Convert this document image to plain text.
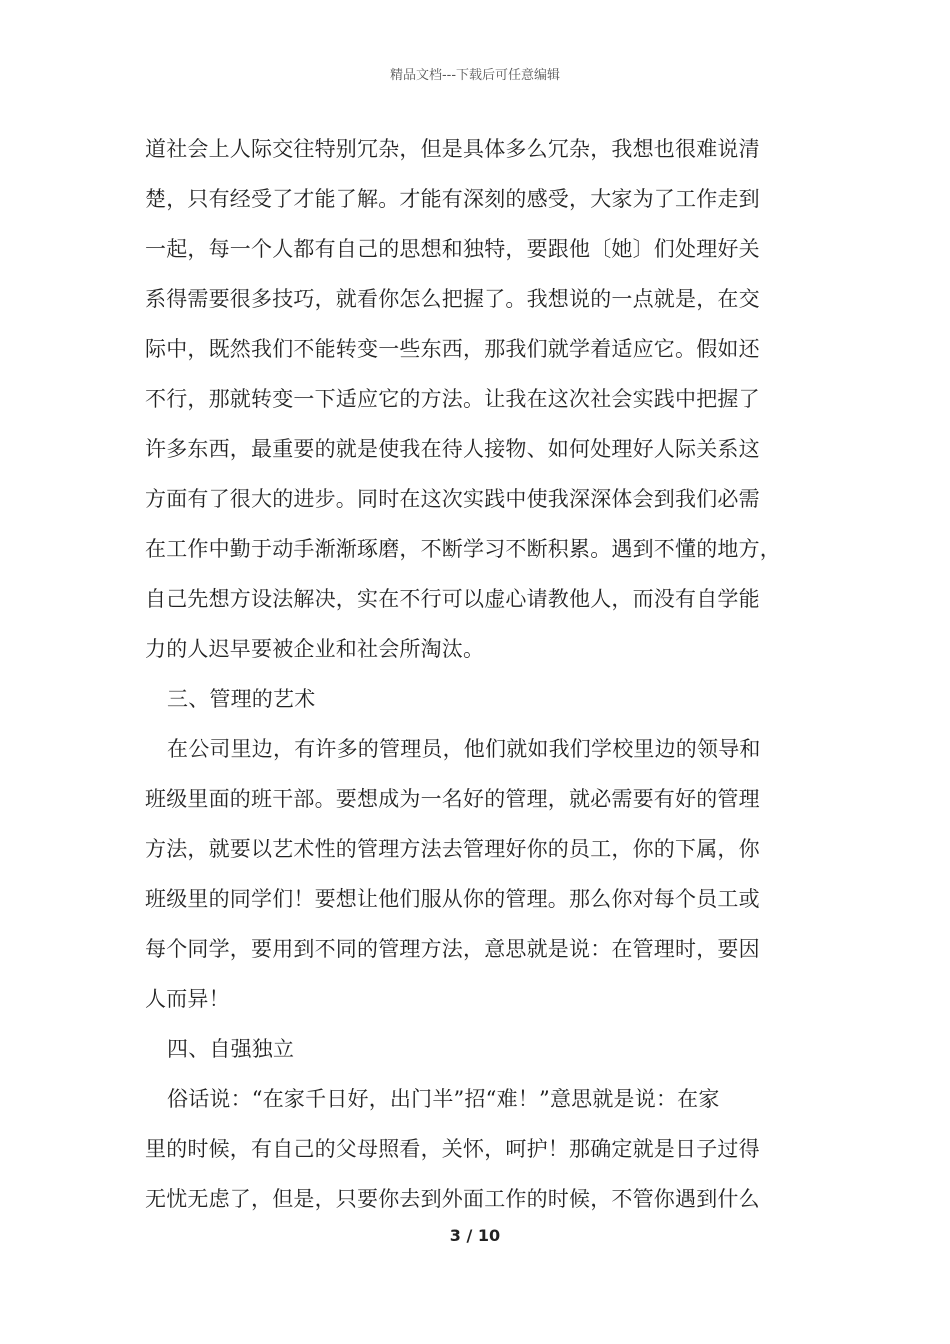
精品文档---下载后可任意编辑
道社会上人际交往特别冗杂，但是具体多么冗杂，我想也很难说清
楚，只有经受了才能了解。才能有深刻的感受，大家为了工作走到
一起，每一个人都有自己的思想和独特，要跟他〔她〕们处理好关
系得需要很多技巧，就看你怎么把握了。我想说的一点就是，在交
际中，既然我们不能转变一些东西，那我们就学着适应它。假如还
不行，那就转变一下适应它的方法。让我在这次社会实践中把握了
许多东西，最重要的就是使我在待人接物、如何处理好人际关系这
方面有了很大的进步。同时在这次实践中使我深深体会到我们必需
在工作中勤于动手渐渐琢磨，不断学习不断积累。遇到不懂的地方，
自己先想方设法解决，实在不行可以虚心请教他人，而没有自学能
力的人迟早要被企业和社会所淘汰。
三、管理的艺术
在公司里边，有许多的管理员，他们就如我们学校里边的领导和
班级里面的班干部。要想成为一名好的管理，就必需要有好的管理
方法，就要以艺术性的管理方法去管理好你的员工，你的下属，你
班级里的同学们！要想让他们服从你的管理。那么你对每个员工或
每个同学，要用到不同的管理方法，意思就是说：在管理时，要因
人而异！
四、自强独立
俗话说：“在家千日好，出门半”招“难！”意思就是说：在家
里的时候，有自己的父母照看，关怀，呵护！那确定就是日子过得
无忧无虑了，但是，只要你去到外面工作的时候，不管你遇到什么
3 / 10
